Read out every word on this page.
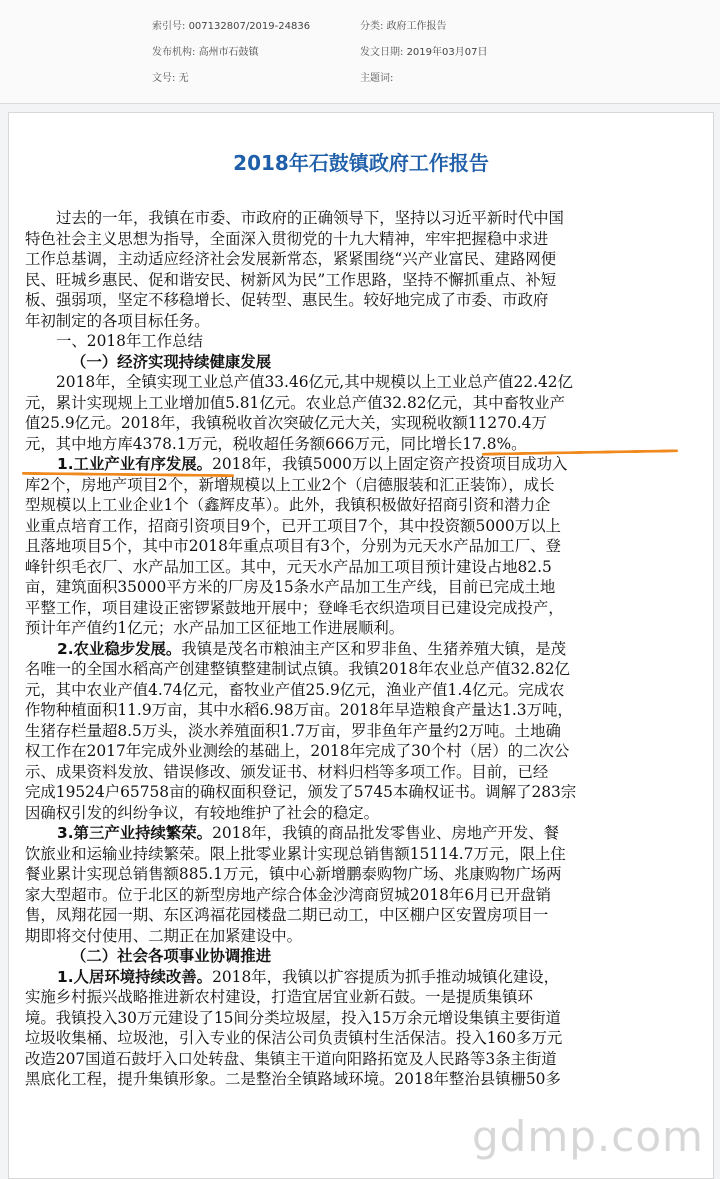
索引号: 007132807/2019-24836	分类: 政府工作报告
发布机构: 高州市石鼓镇	发文日期: 2019年03月07日
文号: 无	主题词:
2018年石鼓镇政府工作报告
过去的一年，我镇在市委、市政府的正确领导下，坚持以习近平新时代中国
特色社会主义思想为指导，全面深入贯彻党的十九大精神，牢牢把握稳中求进
工作总基调，主动适应经济社会发展新常态，紧紧围绕“兴产业富民、建路网便
民、旺城乡惠民、促和谐安民、树新风为民”工作思路，坚持不懈抓重点、补短
板、强弱项，坚定不移稳增长、促转型、惠民生。较好地完成了市委、市政府
年初制定的各项目标任务。
一、2018年工作总结
（一）经济实现持续健康发展
2018年，全镇实现工业总产值33.46亿元,其中规模以上工业总产值22.42亿
元，累计实现规上工业增加值5.81亿元。农业总产值32.82亿元，其中畜牧业产
值25.9亿元。2018年，我镇税收首次突破亿元大关，实现税收额11270.4万
元，其中地方库4378.1万元，税收超任务额666万元，同比增长17.8%。
1.工业产业有序发展。2018年，我镇5000万以上固定资产投资项目成功入
库2个，房地产项目2个，新增规模以上工业2个（启德服装和汇正装饰），成长
型规模以上工业企业1个（鑫辉皮革）。此外，我镇积极做好招商引资和潜力企
业重点培育工作，招商引资项目9个，已开工项目7个，其中投资额5000万以上
且落地项目5个，其中市2018年重点项目有3个，分别为元天水产品加工厂、登
峰针织毛衣厂、水产品加工区。其中，元天水产品加工项目预计建设占地82.5
亩，建筑面积35000平方米的厂房及15条水产品加工生产线，目前已完成土地
平整工作，项目建设正密锣紧鼓地开展中；登峰毛衣织造项目已建设完成投产，
预计年产值约1亿元；水产品加工区征地工作进展顺利。
2.农业稳步发展。我镇是茂名市粮油主产区和罗非鱼、生猪养殖大镇，是茂
名唯一的全国水稻高产创建整镇整建制试点镇。我镇2018年农业总产值32.82亿
元，其中农业产值4.74亿元，畜牧业产值25.9亿元，渔业产值1.4亿元。完成农
作物种植面积11.9万亩，其中水稻6.98万亩。2018年早造粮食产量达1.3万吨，
生猪存栏量超8.5万头，淡水养殖面积1.7万亩，罗非鱼年产量约2万吨。土地确
权工作在2017年完成外业测绘的基础上，2018年完成了30个村（居）的二次公
示、成果资料发放、错误修改、颁发证书、材料归档等多项工作。目前，已经
完成19524户65758亩的确权面积登记，颁发了5745本确权证书。调解了283宗
因确权引发的纠纷争议，有较地维护了社会的稳定。
3.第三产业持续繁荣。2018年，我镇的商品批发零售业、房地产开发、餐
饮旅业和运输业持续繁荣。限上批零业累计实现总销售额15114.7万元，限上住
餐业累计实现总销售额885.1万元，镇中心新增鹏泰购物广场、兆康购物广场两
家大型超市。位于北区的新型房地产综合体金沙湾商贸城2018年6月已开盘销
售，凤翔花园一期、东区鸿福花园楼盘二期已动工，中区棚户区安置房项目一
期即将交付使用、二期正在加紧建设中。
（二）社会各项事业协调推进
1.人居环境持续改善。2018年，我镇以扩容提质为抓手推动城镇化建设，
实施乡村振兴战略推进新农村建设，打造宜居宜业新石鼓。一是提质集镇环
境。我镇投入30万元建设了15间分类垃圾屋，投入15万余元增设集镇主要街道
垃圾收集桶、垃圾池，引入专业的保洁公司负责镇村生活保洁。投入160多万元
改造207国道石鼓圩入口处转盘、集镇主干道向阳路拓宽及人民路等3条主街道
黑底化工程，提升集镇形象。二是整治全镇路域环境。2018年整治县镇栅50多
gdmp.com
